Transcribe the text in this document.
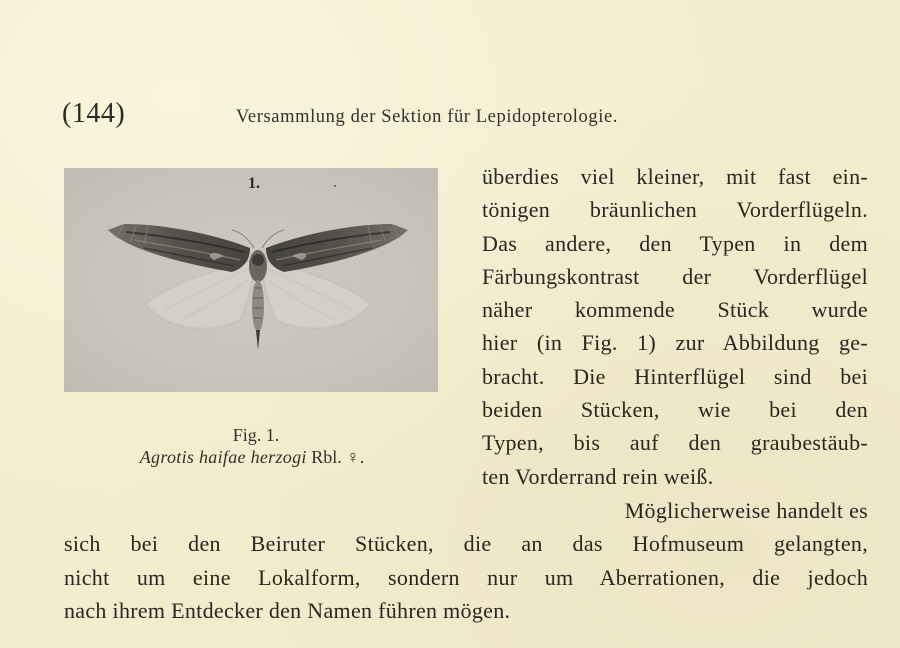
(144)	Versammlung der Sektion für Lepidopterologie.
1.
Fig. 1.
Agrotis haifae herzogi Rbl. ♀.
überdies viel kleiner, mit fast ein-
tönigen bräunlichen Vorderflügeln.
Das andere, den Typen in dem
Färbungskontrast der Vorderflügel
näher kommende Stück wurde
hier (in Fig. 1) zur Abbildung ge-
bracht. Die Hinterflügel sind bei
beiden Stücken, wie bei den
Typen, bis auf den graubestäub-
ten Vorderrand rein weiß.
Möglicherweise handelt es
sich bei den Beiruter Stücken, die an das Hofmuseum gelangten,
nicht um eine Lokalform, sondern nur um Aberrationen, die jedoch
nach ihrem Entdecker den Namen führen mögen.
